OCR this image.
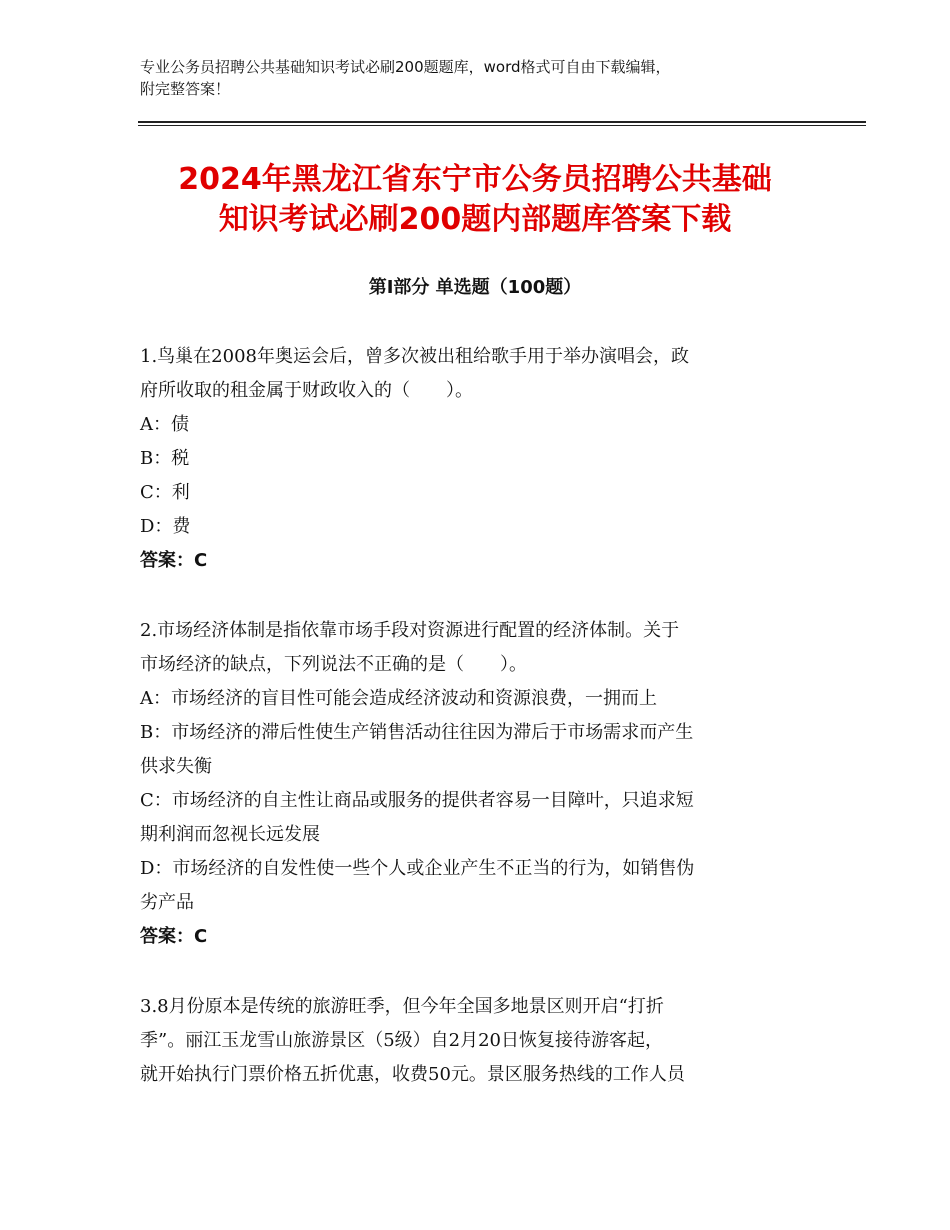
专业公务员招聘公共基础知识考试必刷200题题库，word格式可自由下载编辑，
附完整答案！
2024年黑龙江省东宁市公务员招聘公共基础
知识考试必刷200题内部题库答案下载
第Ⅰ部分 单选题（100题）
1.鸟巢在2008年奥运会后，曾多次被出租给歌手用于举办演唱会，政
府所收取的租金属于财政收入的（　　）。
A：债
B：税
C：利
D：费
答案：C
2.市场经济体制是指依靠市场手段对资源进行配置的经济体制。关于
市场经济的缺点，下列说法不正确的是（　　）。
A：市场经济的盲目性可能会造成经济波动和资源浪费，一拥而上
B：市场经济的滞后性使生产销售活动往往因为滞后于市场需求而产生
供求失衡
C：市场经济的自主性让商品或服务的提供者容易一目障叶，只追求短
期利润而忽视长远发展
D：市场经济的自发性使一些个人或企业产生不正当的行为，如销售伪
劣产品
答案：C
3.8月份原本是传统的旅游旺季，但今年全国多地景区则开启“打折
季”。丽江玉龙雪山旅游景区（5级）自2月20日恢复接待游客起，
就开始执行门票价格五折优惠，收费50元。景区服务热线的工作人员
